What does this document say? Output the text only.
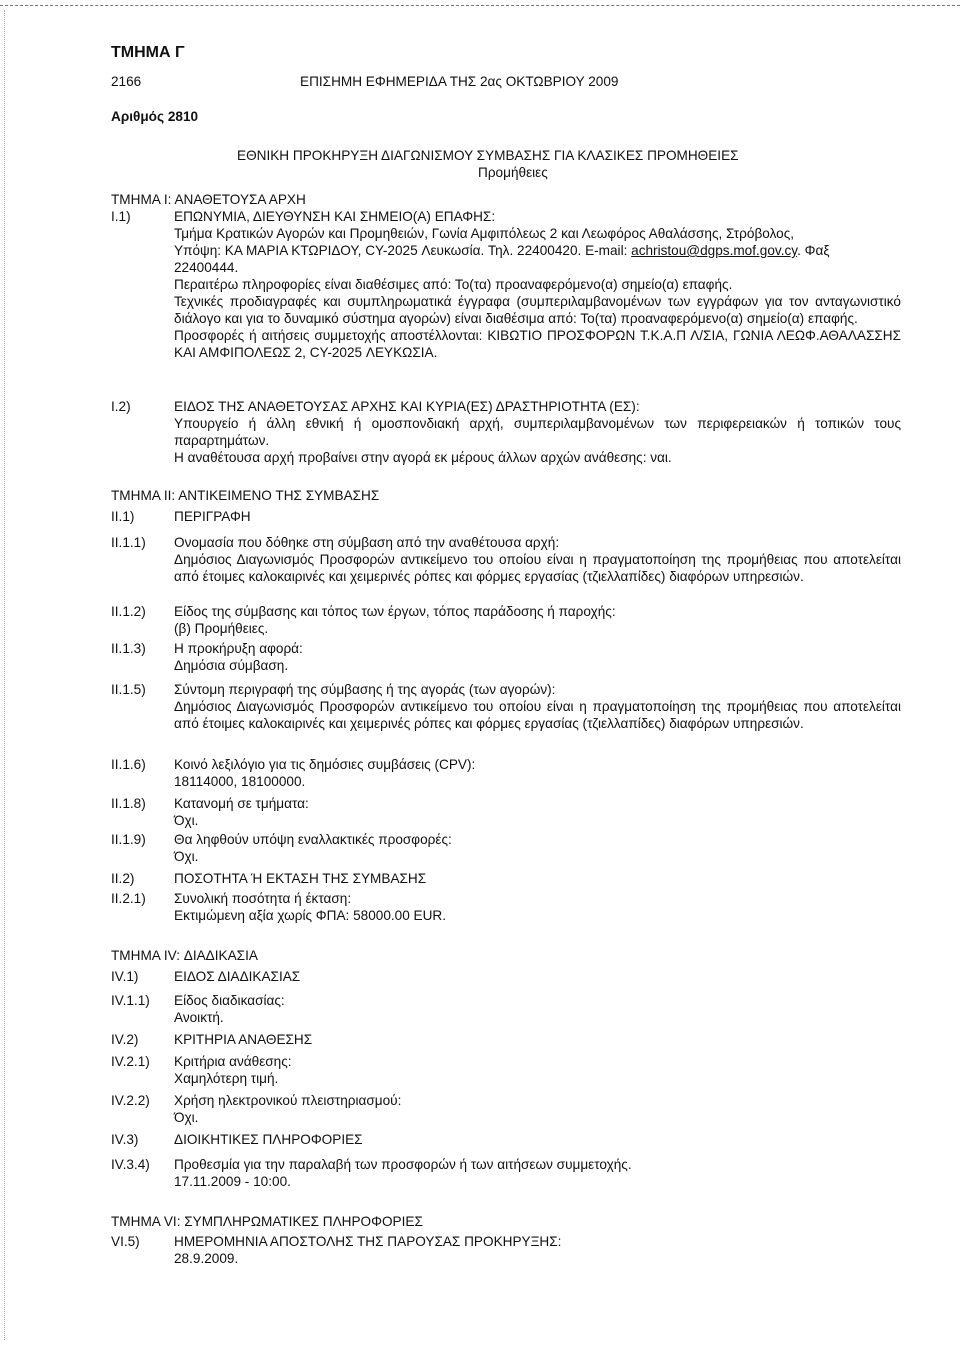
ΤΜΗΜΑ Γ
2166	ΕΠΙΣΗΜΗ ΕΦΗΜΕΡΙΔΑ ΤΗΣ 2ας ΟΚΤΩΒΡΙΟΥ 2009
Αριθμός 2810
ΕΘΝΙΚΗ ΠΡΟΚΗΡΥΞΗ ΔΙΑΓΩΝΙΣΜΟΥ ΣΥΜΒΑΣΗΣ ΓΙΑ ΚΛΑΣΙΚΕΣ ΠΡΟΜΗΘΕΙΕΣ
Προμήθειες
ΤΜΗΜΑ Ι: ΑΝΑΘΕΤΟΥΣΑ ΑΡΧΗ
Ι.1)	ΕΠΩΝΥΜΙΑ, ΔΙΕΥΘΥΝΣΗ ΚΑΙ ΣΗΜΕΙΟ(Α) ΕΠΑΦΗΣ:
Τμήμα Κρατικών Αγορών και Προμηθειών, Γωνία Αμφιπόλεως 2 και Λεωφόρος Αθαλάσσης, Στρόβολος,
Υπόψη: ΚΑ ΜΑΡΙΑ ΚΤΩΡΙΔΟΥ, CY-2025 Λευκωσία. Τηλ. 22400420. E-mail: achristou@dgps.mof.gov.cy. Φαξ
22400444.
Περαιτέρω πληροφορίες είναι διαθέσιμες από: Το(τα) προαναφερόμενο(α) σημείο(α) επαφής.
Τεχνικές προδιαγραφές και συμπληρωματικά έγγραφα (συμπεριλαμβανομένων των εγγράφων για τον ανταγωνιστικό διάλογο και για το δυναμικό σύστημα αγορών) είναι διαθέσιμα από: Το(τα) προαναφερόμενο(α) σημείο(α) επαφής.
Προσφορές ή αιτήσεις συμμετοχής αποστέλλονται: ΚΙΒΩΤΙΟ ΠΡΟΣΦΟΡΩΝ Τ.Κ.Α.Π Λ/ΣΙΑ, ΓΩΝΙΑ ΛΕΩΦ.ΑΘΑΛΑΣΣΗΣ ΚΑΙ ΑΜΦΙΠΟΛΕΩΣ 2, CY-2025 ΛΕΥΚΩΣΙΑ.
Ι.2)	ΕΙΔΟΣ ΤΗΣ ΑΝΑΘΕΤΟΥΣΑΣ ΑΡΧΗΣ ΚΑΙ ΚΥΡΙΑ(ΕΣ) ΔΡΑΣΤΗΡΙΟΤΗΤΑ (ΕΣ):
Υπουργείο ή άλλη εθνική ή ομοσπονδιακή αρχή, συμπεριλαμβανομένων των περιφερειακών ή τοπικών τους παραρτημάτων.
Η αναθέτουσα αρχή προβαίνει στην αγορά εκ μέρους άλλων αρχών ανάθεσης: ναι.
ΤΜΗΜΑ ΙΙ: ΑΝΤΙΚΕΙΜΕΝΟ ΤΗΣ ΣΥΜΒΑΣΗΣ
ΙΙ.1)	ΠΕΡΙΓΡΑΦΗ
ΙΙ.1.1)	Ονομασία που δόθηκε στη σύμβαση από την αναθέτουσα αρχή:
Δημόσιος Διαγωνισμός Προσφορών αντικείμενο του οποίου είναι η πραγματοποίηση της προμήθειας που αποτελείται από έτοιμες καλοκαιρινές και χειμερινές ρόπες και φόρμες εργασίας (τζιελλαπίδες) διαφόρων υπηρεσιών.
ΙΙ.1.2)	Είδος της σύμβασης και τόπος των έργων, τόπος παράδοσης ή παροχής:
(β) Προμήθειες.
ΙΙ.1.3)	Η προκήρυξη αφορά:
Δημόσια σύμβαση.
ΙΙ.1.5)	Σύντομη περιγραφή της σύμβασης ή της αγοράς (των αγορών):
Δημόσιος Διαγωνισμός Προσφορών αντικείμενο του οποίου είναι η πραγματοποίηση της προμήθειας που αποτελείται από έτοιμες καλοκαιρινές και χειμερινές ρόπες και φόρμες εργασίας (τζιελλαπίδες) διαφόρων υπηρεσιών.
ΙΙ.1.6)	Κοινό λεξιλόγιο για τις δημόσιες συμβάσεις (CPV):
18114000, 18100000.
ΙΙ.1.8)	Κατανομή σε τμήματα:
Όχι.
ΙΙ.1.9)	Θα ληφθούν υπόψη εναλλακτικές προσφορές:
Όχι.
ΙΙ.2)	ΠΟΣΟΤΗΤΑ Ή ΕΚΤΑΣΗ ΤΗΣ ΣΥΜΒΑΣΗΣ
ΙΙ.2.1)	Συνολική ποσότητα ή έκταση:
Εκτιμώμενη αξία χωρίς ΦΠΑ: 58000.00 EUR.
ΤΜΗΜΑ IV: ΔΙΑΔΙΚΑΣΙΑ
IV.1)	ΕΙΔΟΣ ΔΙΑΔΙΚΑΣΙΑΣ
IV.1.1)	Είδος διαδικασίας:
Ανοικτή.
IV.2)	ΚΡΙΤΗΡΙΑ ΑΝΑΘΕΣΗΣ
IV.2.1)	Κριτήρια ανάθεσης:
Χαμηλότερη τιμή.
IV.2.2)	Χρήση ηλεκτρονικού πλειστηριασμού:
Όχι.
IV.3)	ΔΙΟΙΚΗΤΙΚΕΣ ΠΛΗΡΟΦΟΡΙΕΣ
IV.3.4)	Προθεσμία για την παραλαβή των προσφορών ή των αιτήσεων συμμετοχής.
17.11.2009 - 10:00.
ΤΜΗΜΑ VI: ΣΥΜΠΛΗΡΩΜΑΤΙΚΕΣ ΠΛΗΡΟΦΟΡΙΕΣ
VI.5)	ΗΜΕΡΟΜΗΝΙΑ ΑΠΟΣΤΟΛΗΣ ΤΗΣ ΠΑΡΟΥΣΑΣ ΠΡΟΚΗΡΥΞΗΣ:
28.9.2009.
